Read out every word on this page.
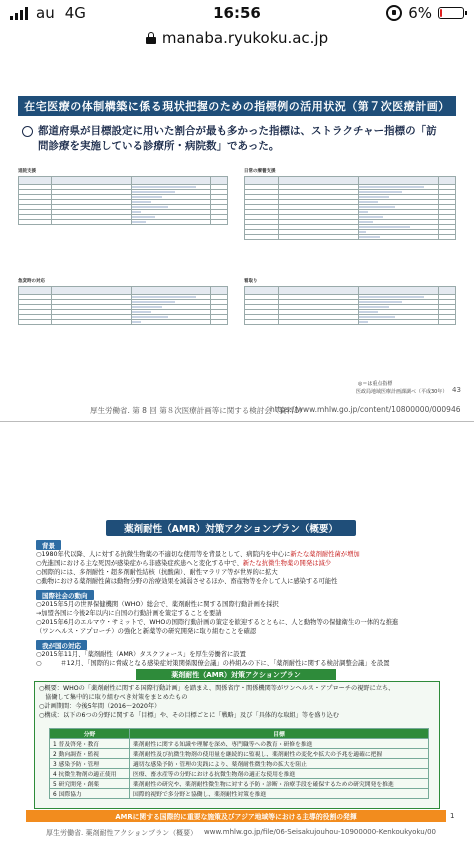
au 4G	16:56	6%
manaba.ryukoku.ac.jp
在宅医療の体制構築に係る現状把握のための指標例の活用状況（第７次医療計画）
都道府県が目標設定に用いた割合が最も多かった指標は、ストラクチャー指標の「訪問診療を実施している診療所・病院数」であった。
退院支援

		日常の療養支援

急変時の対応

		看取り

◎＝は重点指標
医政局地域医療計画課調べ（平成30年） 43
厚生労働省. 第 8 回 第８次医療計画等に関する検討会（資料1）
https://www.mhlw.go.jp/content/10800000/000946
薬剤耐性（AMR）対策アクションプラン（概要）
背景
○1980年代以降、人に対する抗微生物薬の不適切な使用等を背景として、病院内を中心に新たな薬剤耐性菌が増加
○先進国における主な死因が感染症から非感染症疾患へと変化する中で、新たな抗微生物薬の開発は減少
○国際的には、多剤耐性・超多剤耐性結核（抗酸菌）、耐性マラリア等が世界的に拡大
○動物における薬剤耐性菌は動物分野の治療効果を減弱させるほか、畜産物等を介して人に感染する可能性
国際社会の動向
○2015年5月の世界保健機関（WHO）総会で、薬剤耐性に関する国際行動計画を採択
→加盟各国に今後2年以内に自国の行動計画を策定することを要請
○2015年6月のエルマウ・サミットで、WHOの国際行動計画の策定を歓迎するとともに、人と動物等の保健衛生の一体的な推進
（ワンヘルス・アプローチ）の強化と新薬等の研究開発に取り組むことを確認
我が国の対応
○2015年11月、「薬剤耐性（AMR）タスクフォース」を厚生労働省に設置
○　　　＃12月、「国際的に脅威となる感染症対策関係閣僚会議」の枠組みの下に、「薬剤耐性に関する検討調整会議」を設置
薬剤耐性（AMR）対策アクションプラン
○概要：WHOの「薬剤耐性に関する国際行動計画」を踏まえ、関係省庁・関係機関等がワンヘルス・アプローチの視野に立ち、
　協働して集中的に取り組むべき対策をまとめたもの
○計画期間：今後5年間（2016～2020年）
○構成：以下の6つの分野に関する「目標」や、その目標ごとに「戦略」及び「具体的な取組」等を盛り込む
分野	目標
1 普及啓発・教育	薬剤耐性に関する知識や理解を深め、専門職等への教育・研修を推進
2 動向調査・監視	薬剤耐性及び抗微生物剤の使用量を継続的に監視し、薬剤耐性の変化や拡大の予兆を適確に把握
3 感染予防・管理	適切な感染予防・管理の実践により、薬剤耐性微生物の拡大を阻止
4 抗微生物剤の適正使用	医療、畜水産等の分野における抗微生物剤の適正な使用を推進
5 研究開発・創薬	薬剤耐性の研究や、薬剤耐性微生物に対する予防・診断・治療手段を確保するための研究開発を推進
6 国際協力	国際的視野で多分野と協働し、薬剤耐性対策を推進
AMRに関する国際的に重要な施策及びアジア地域等における主導的役割の発揮	1
厚生労働省. 薬剤耐性アクションプラン（概要） www.mhlw.go.jp/file/06-Seisakujouhou-10900000-Kenkoukyoku/00
